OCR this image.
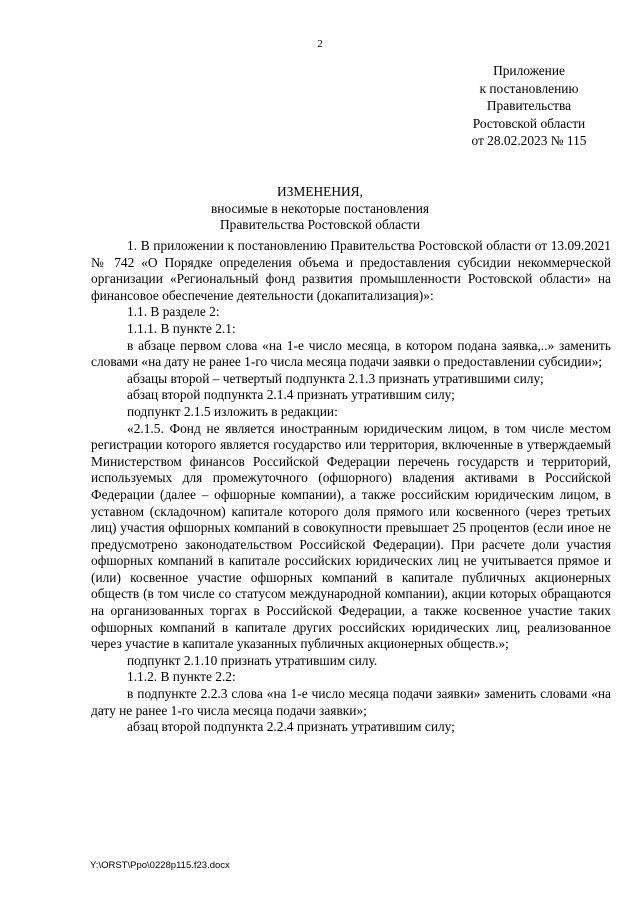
2
Приложение
к постановлению
Правительства
Ростовской области
от 28.02.2023 № 115
ИЗМЕНЕНИЯ,
вносимые в некоторые постановления
Правительства Ростовской области

1. В приложении к постановлению Правительства Ростовской области от 13.09.2021 № 742 «О Порядке определения объема и предоставления субсидии некоммерческой организации «Региональный фонд развития промышленности Ростовской области» на финансовое обеспечение деятельности (докапитализация)»:

1.1. В разделе 2:

1.1.1. В пункте 2.1:

в абзаце первом слова «на 1-е число месяца, в котором подана заявка,..» заменить словами «на дату не ранее 1-го числа месяца подачи заявки о предоставлении субсидии»;

абзацы второй – четвертый подпункта 2.1.3 признать утратившими силу;

абзац второй подпункта 2.1.4 признать утратившим силу;

подпункт 2.1.5 изложить в редакции:

«2.1.5. Фонд не является иностранным юридическим лицом, в том числе местом регистрации которого является государство или территория, включенные в утверждаемый Министерством финансов Российской Федерации перечень государств и территорий, используемых для промежуточного (офшорного) владения активами в Российской Федерации (далее – офшорные компании), а также российским юридическим лицом, в уставном (складочном) капитале которого доля прямого или косвенного (через третьих лиц) участия офшорных компаний в совокупности превышает 25 процентов (если иное не предусмотрено законодательством Российской Федерации). При расчете доли участия офшорных компаний в капитале российских юридических лиц не учитывается прямое и (или) косвенное участие офшорных компаний в капитале публичных акционерных обществ (в том числе со статусом международной компании), акции которых обращаются на организованных торгах в Российской Федерации, а также косвенное участие таких офшорных компаний в капитале других российских юридических лиц, реализованное через участие в капитале указанных публичных акционерных обществ.»;

подпункт 2.1.10 признать утратившим силу.

1.1.2. В пункте 2.2:

в подпункте 2.2.3 слова «на 1-е число месяца подачи заявки» заменить словами «на дату не ранее 1-го числа месяца подачи заявки»;

абзац второй подпункта 2.2.4 признать утратившим силу;

Y:\ORST\Ppo\0228p115.f23.docx
